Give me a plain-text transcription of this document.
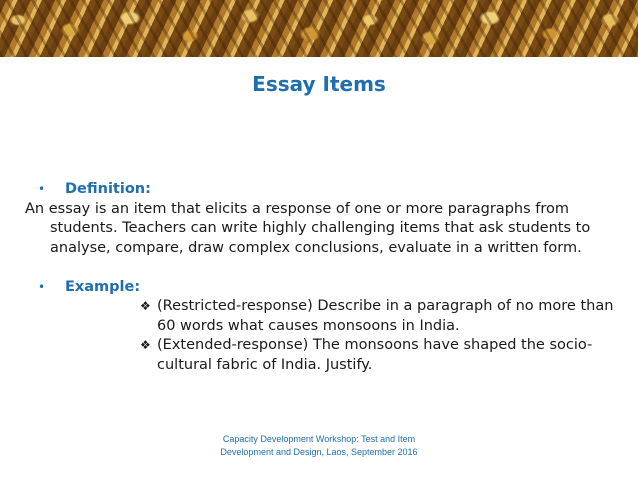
Essay Items
• Definition:
An essay is an item that elicits a response of one or more paragraphs from students. Teachers can write highly challenging items that ask students to analyse, compare, draw complex conclusions, evaluate in a written form.
• Example:
❖ (Restricted-response) Describe in a paragraph of no more than 60 words what causes monsoons in India.
❖ (Extended-response) The monsoons have shaped the socio-cultural fabric of India. Justify.
Capacity Development Workshop: Test and Item Development and Design, Laos, September 2016
